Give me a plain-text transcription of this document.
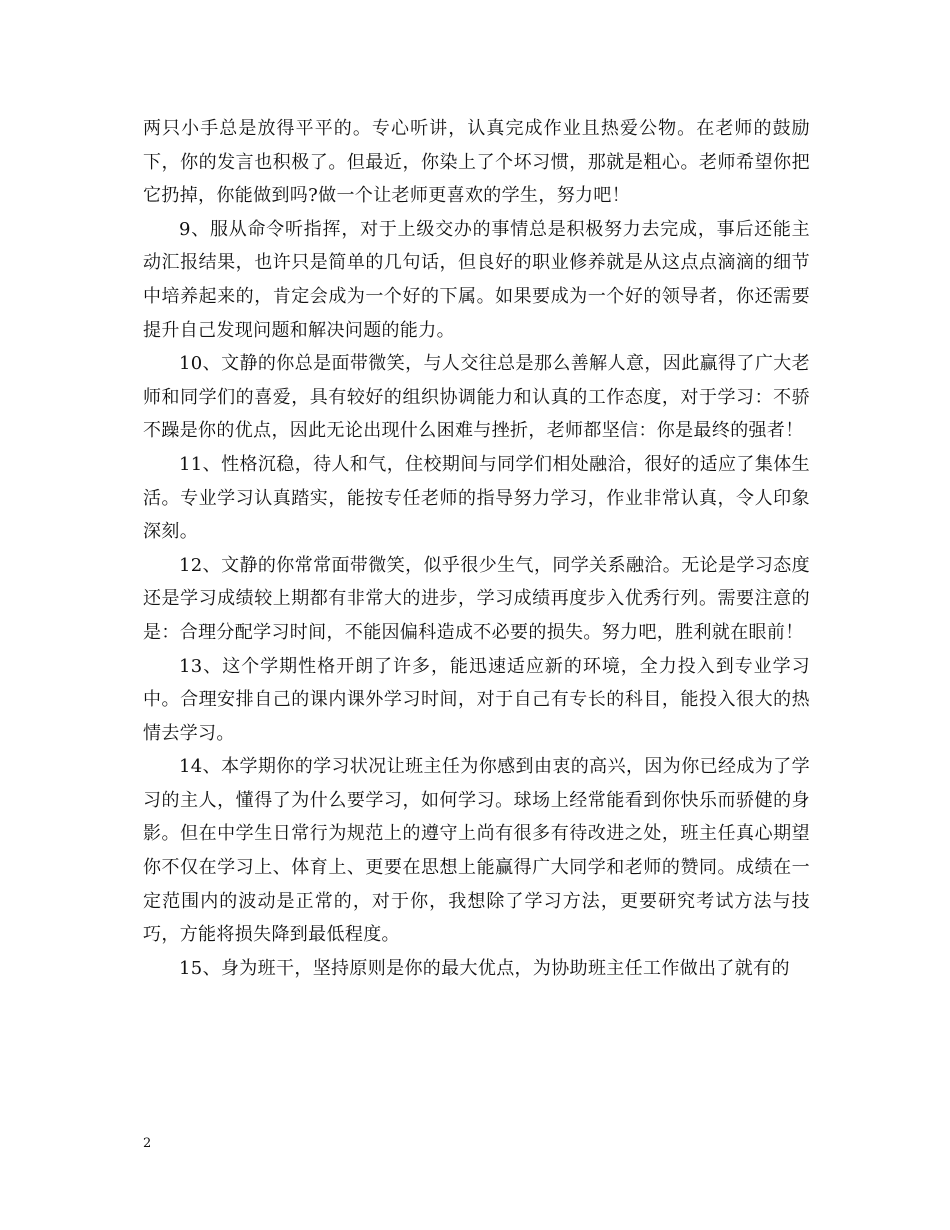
两只小手总是放得平平的。专心听讲，认真完成作业且热爱公物。在老师的鼓励下，你的发言也积极了。但最近，你染上了个坏习惯，那就是粗心。老师希望你把它扔掉，你能做到吗?做一个让老师更喜欢的学生，努力吧！

9、服从命令听指挥，对于上级交办的事情总是积极努力去完成，事后还能主动汇报结果，也许只是简单的几句话，但良好的职业修养就是从这点点滴滴的细节中培养起来的，肯定会成为一个好的下属。如果要成为一个好的领导者，你还需要提升自己发现问题和解决问题的能力。

10、文静的你总是面带微笑，与人交往总是那么善解人意，因此赢得了广大老师和同学们的喜爱，具有较好的组织协调能力和认真的工作态度，对于学习：不骄不躁是你的优点，因此无论出现什么困难与挫折，老师都坚信：你是最终的强者！

11、性格沉稳，待人和气，住校期间与同学们相处融洽，很好的适应了集体生活。专业学习认真踏实，能按专任老师的指导努力学习，作业非常认真，令人印象深刻。

12、文静的你常常面带微笑，似乎很少生气，同学关系融洽。无论是学习态度还是学习成绩较上期都有非常大的进步，学习成绩再度步入优秀行列。需要注意的是：合理分配学习时间，不能因偏科造成不必要的损失。努力吧，胜利就在眼前！

13、这个学期性格开朗了许多，能迅速适应新的环境，全力投入到专业学习中。合理安排自己的课内课外学习时间，对于自己有专长的科目，能投入很大的热情去学习。

14、本学期你的学习状况让班主任为你感到由衷的高兴，因为你已经成为了学习的主人，懂得了为什么要学习，如何学习。球场上经常能看到你快乐而骄健的身影。但在中学生日常行为规范上的遵守上尚有很多有待改进之处，班主任真心期望你不仅在学习上、体育上、更要在思想上能赢得广大同学和老师的赞同。成绩在一定范围内的波动是正常的，对于你，我想除了学习方法，更要研究考试方法与技巧，方能将损失降到最低程度。

15、身为班干，坚持原则是你的最大优点，为协助班主任工作做出了就有的

2
